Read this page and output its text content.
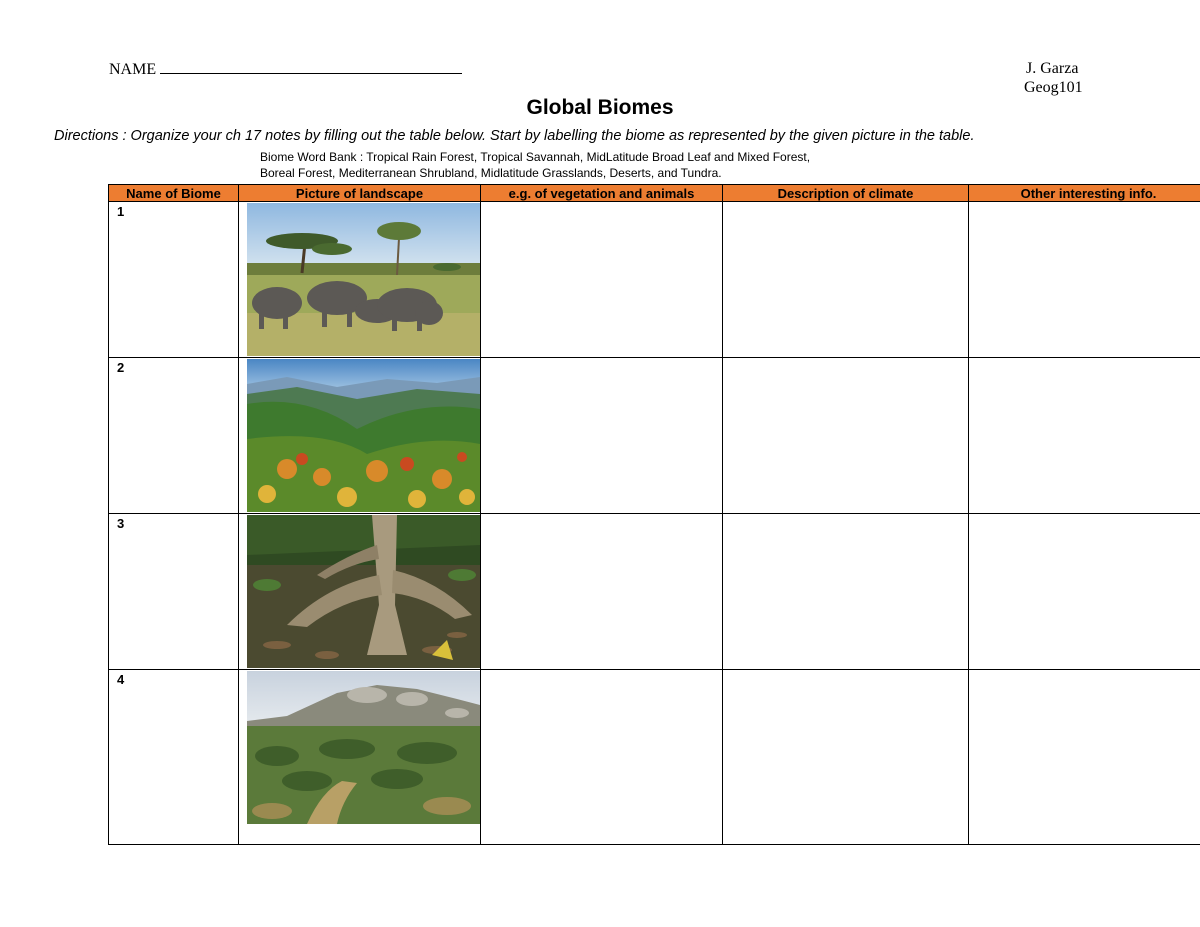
NAME	J. Garza
Geog101
Global Biomes
Directions : Organize your ch 17 notes by filling out the table below. Start by labelling the biome as represented by the given picture in the table.
Biome Word Bank : Tropical Rain Forest, Tropical Savannah, MidLatitude Broad Leaf and Mixed Forest,
Boreal Forest, Mediterranean Shrubland, Midlatitude Grasslands, Deserts, and Tundra.
Name of Biome	Picture of landscape	e.g. of vegetation and animals	Description of climate	Other interesting info.

1

2

3

4
